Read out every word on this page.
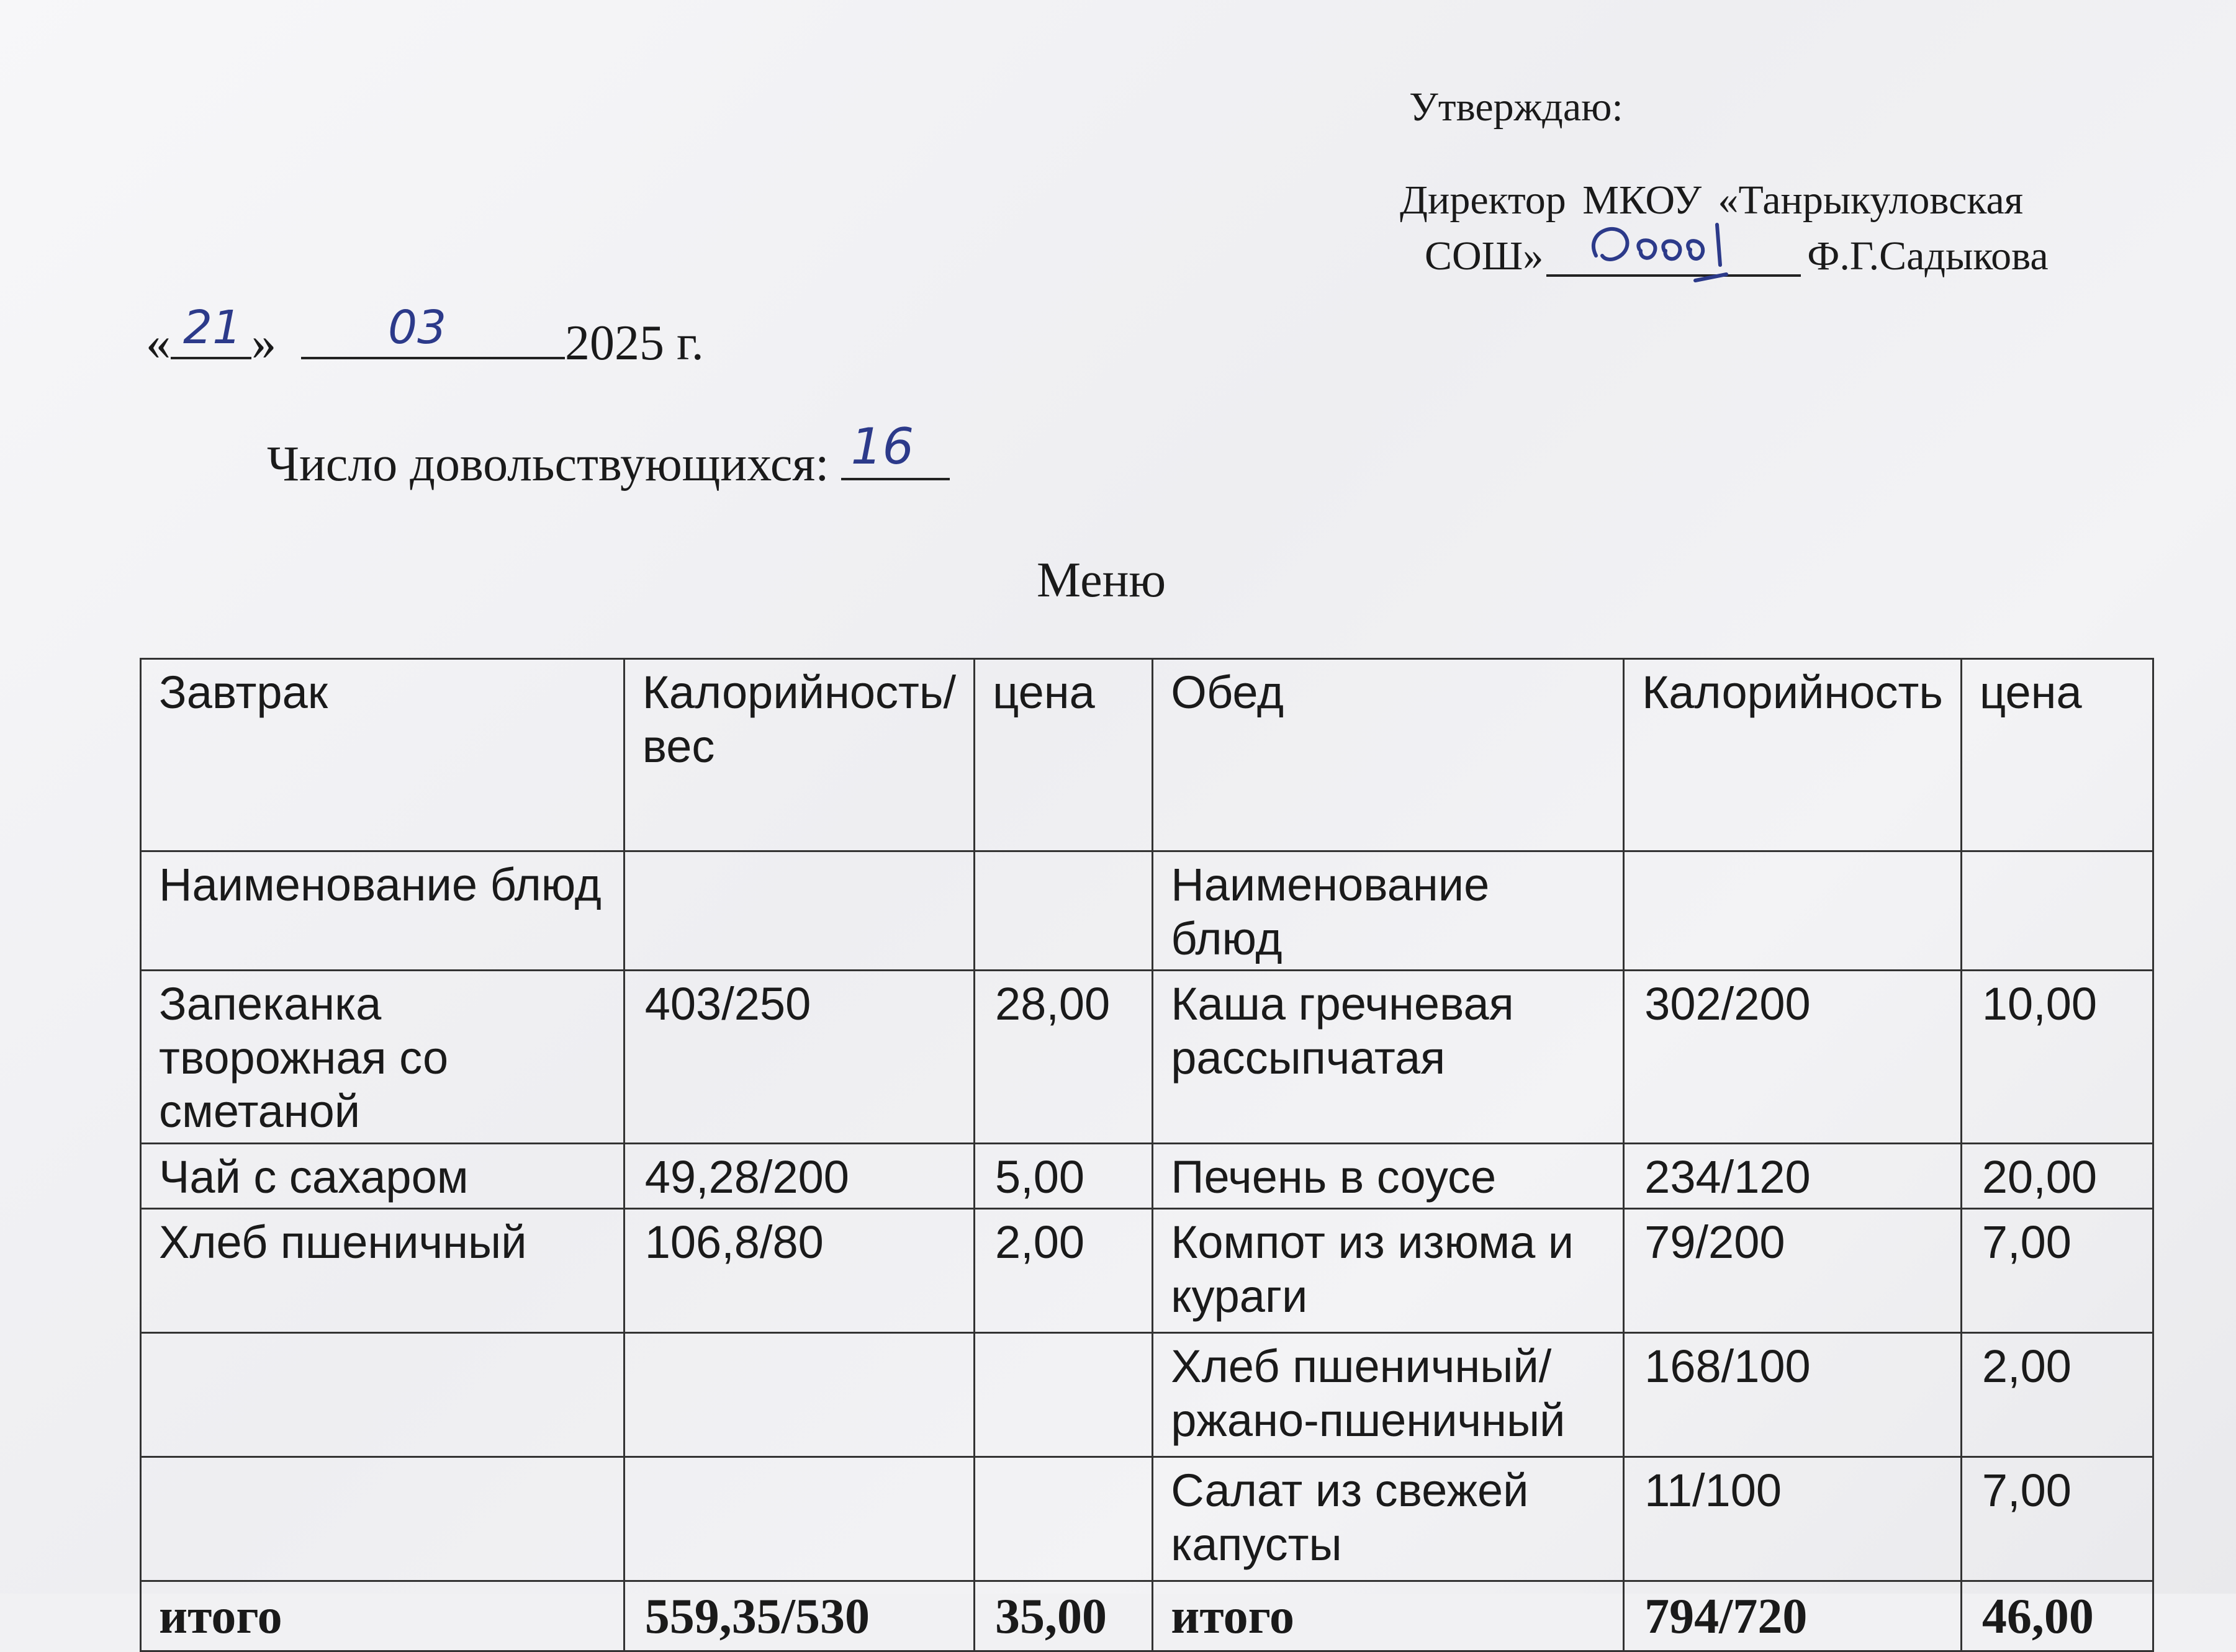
Утверждаю:
Директор МКОУ «Танрыкуловская
СОШ»	Ф.Г.Садыкова
« 21 » 03 2025 г.
Число довольствующихся: 16
Меню
Завтрак	Калорийность/вес	цена	Обед	Калорийность	цена
Наименование блюд			Наименование блюд		
Запеканка творожная со сметаной	403/250	28,00	Каша гречневая рассыпчатая	302/200	10,00
Чай с сахаром	49,28/200	5,00	Печень в соусе	234/120	20,00
Хлеб пшеничный	106,8/80	2,00	Компот из изюма и кураги	79/200	7,00
			Хлеб пшеничный/ ржано-пшеничный	168/100	2,00
			Салат из свежей капусты	11/100	7,00
итого	559,35/530	35,00	итого	794/720	46,00
